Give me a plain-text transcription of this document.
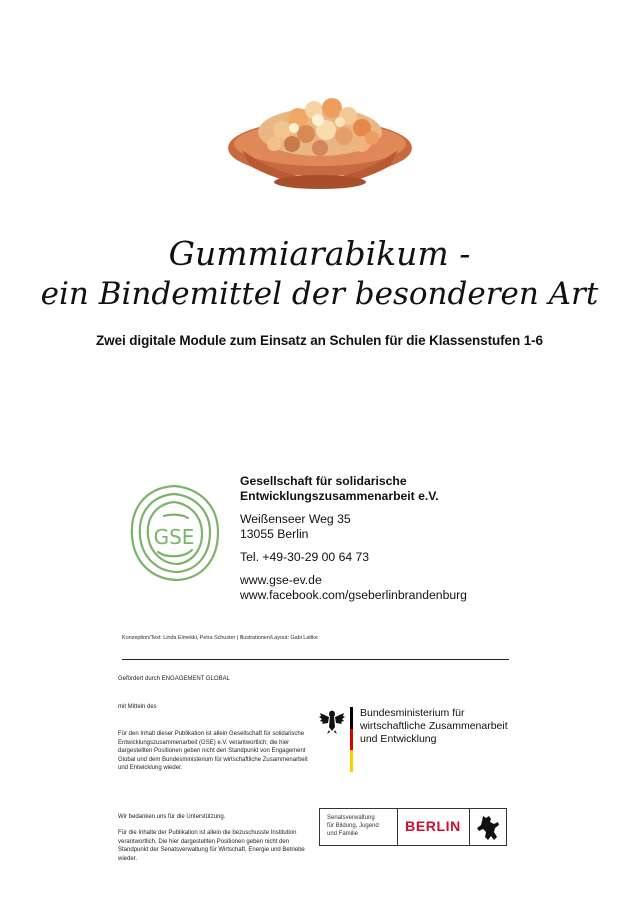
Gummiarabikum -
ein Bindemittel der besonderen Art
Zwei digitale Module zum Einsatz an Schulen für die Klassenstufen 1-6
GSE
Gesellschaft für solidarische
Entwicklungszusammenarbeit e.V.
Weißenseer Weg 35
13055 Berlin
Tel. +49-30-29 00 64 73
www.gse-ev.de
www.facebook.com/gseberlinbrandenburg
Konzeption/Text: Linda Elmekki, Petra Schuster | Illustrationen/Layout: Gabi Lattke
Gefördert durch ENGAGEMENT GLOBAL
mit Mitteln des
Für den Inhalt dieser Publikation ist allein Gesellschaft für solidarische Entwicklungszusammenarbeit (GSE) e.V. verantwortlich; die hier dargestellten Positionen geben nicht den Standpunkt von Engagement Global und dem Bundesministerium für wirtschaftliche Zusammenarbeit und Entwicklung wieder.
Wir bedanken uns für die Unterstützung.
Für die Inhalte der Publikation ist allein die bezuschusste Institution verantwortlich. Die hier dargestellten Positionen geben nicht den Standpunkt der Senatsverwaltung für Wirtschaft, Energie und Betriebe wieder.
Bundesministerium für
wirtschaftliche Zusammenarbeit
und Entwicklung
Senatsverwaltung
für Bildung, Jugend
und Familie	BERLIN
